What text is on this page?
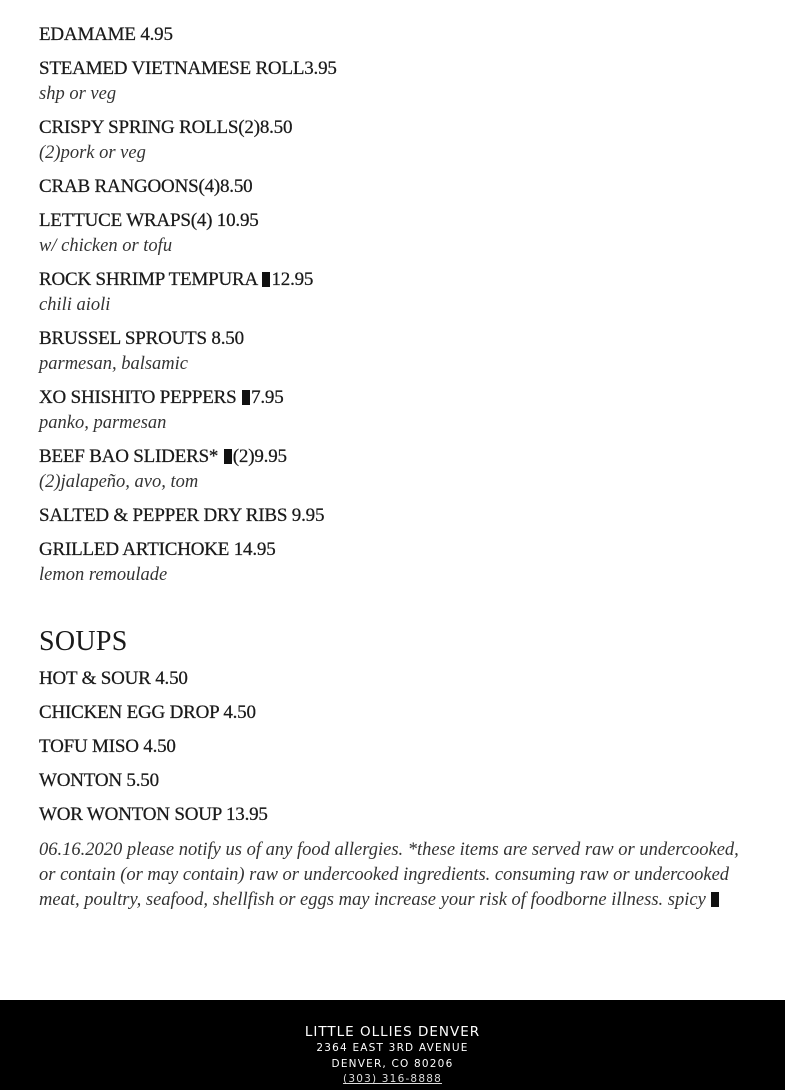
EDAMAME 4.95
STEAMED VIETNAMESE ROLL3.95
shp or veg
CRISPY SPRING ROLLS(2)8.50
(2)pork or veg
CRAB RANGOONS(4)8.50
LETTUCE WRAPS(4) 10.95
w/ chicken or tofu
ROCK SHRIMP TEMPURA 12.95
chili aioli
BRUSSEL SPROUTS 8.50
parmesan, balsamic
XO SHISHITO PEPPERS 7.95
panko, parmesan
BEEF BAO SLIDERS* (2)9.95
(2)jalapeño, avo, tom
SALTED & PEPPER DRY RIBS 9.95
GRILLED ARTICHOKE 14.95
lemon remoulade
SOUPS
HOT & SOUR 4.50
CHICKEN EGG DROP 4.50
TOFU MISO 4.50
WONTON 5.50
WOR WONTON SOUP 13.95
06.16.2020 please notify us of any food allergies. *these items are served raw or undercooked, or contain (or may contain) raw or undercooked ingredients. consuming raw or undercooked meat, poultry, seafood, shellfish or eggs may increase your risk of foodborne illness. spicy
LITTLE OLLIES DENVER
2364 EAST 3RD AVENUE
DENVER, CO 80206
(303) 316-8888
